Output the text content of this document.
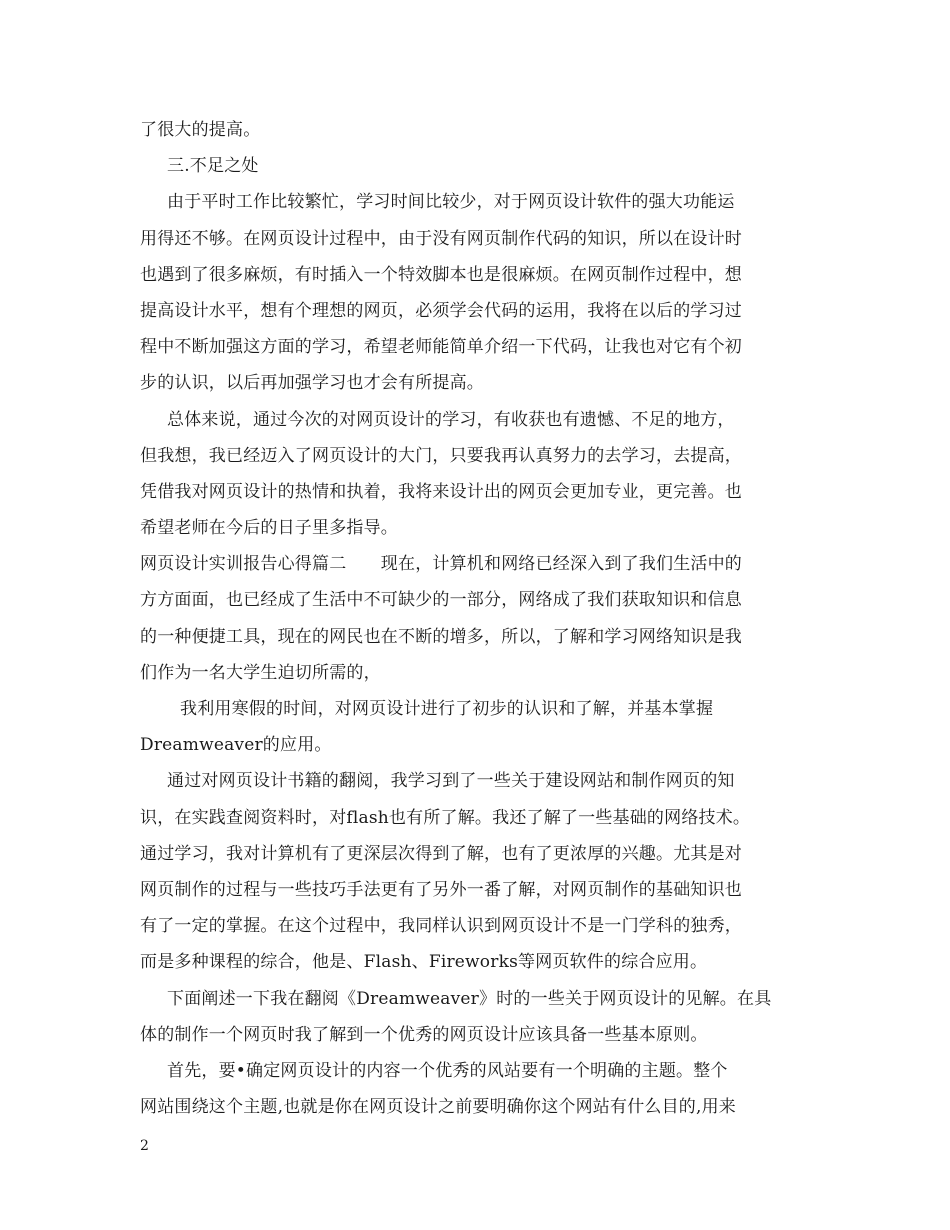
了很大的提高。
三.不足之处
由于平时工作比较繁忙，学习时间比较少，对于网页设计软件的强大功能运
用得还不够。在网页设计过程中，由于没有网页制作代码的知识，所以在设计时
也遇到了很多麻烦，有时插入一个特效脚本也是很麻烦。在网页制作过程中，想
提高设计水平，想有个理想的网页，必须学会代码的运用，我将在以后的学习过
程中不断加强这方面的学习，希望老师能简单介绍一下代码，让我也对它有个初
步的认识，以后再加强学习也才会有所提高。
总体来说，通过今次的对网页设计的学习，有收获也有遗憾、不足的地方，
但我想，我已经迈入了网页设计的大门，只要我再认真努力的去学习，去提高，
凭借我对网页设计的热情和执着，我将来设计出的网页会更加专业，更完善。也
希望老师在今后的日子里多指导。
网页设计实训报告心得篇二　　现在，计算机和网络已经深入到了我们生活中的
方方面面，也已经成了生活中不可缺少的一部分，网络成了我们获取知识和信息
的一种便捷工具，现在的网民也在不断的增多，所以，了解和学习网络知识是我
们作为一名大学生迫切所需的，
我利用寒假的时间，对网页设计进行了初步的认识和了解，并基本掌握
Dreamweaver的应用。
通过对网页设计书籍的翻阅，我学习到了一些关于建设网站和制作网页的知
识，在实践查阅资料时，对flash也有所了解。我还了解了一些基础的网络技术。
通过学习，我对计算机有了更深层次得到了解，也有了更浓厚的兴趣。尤其是对
网页制作的过程与一些技巧手法更有了另外一番了解，对网页制作的基础知识也
有了一定的掌握。在这个过程中，我同样认识到网页设计不是一门学科的独秀，
而是多种课程的综合，他是、Flash、Fireworks等网页软件的综合应用。
下面阐述一下我在翻阅《Dreamweaver》时的一些关于网页设计的见解。在具
体的制作一个网页时我了解到一个优秀的网页设计应该具备一些基本原则。
首先，要•确定网页设计的内容一个优秀的风站要有一个明确的主题。整个
网站围绕这个主题,也就是你在网页设计之前要明确你这个网站有什么目的,用来
2
